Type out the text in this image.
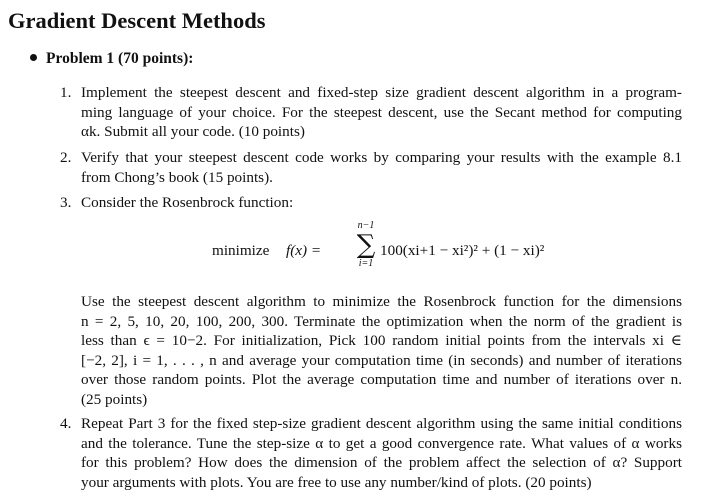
Gradient Descent Methods
Problem 1 (70 points):
1. Implement the steepest descent and fixed-step size gradient descent algorithm in a program-
ming language of your choice. For the steepest descent, use the Secant method for computing
αk. Submit all your code. (10 points)
2. Verify that your steepest descent code works by comparing your results with the example 8.1
from Chong’s book (15 points).
3. Consider the Rosenbrock function:
minimize f(x) =
n−1
∑
i=1
100(xi+1 − xi²)² + (1 − xi)²
Use the steepest descent algorithm to minimize the Rosenbrock function for the dimensions
n = 2, 5, 10, 20, 100, 200, 300. Terminate the optimization when the norm of the gradient is
less than ϵ = 10−2. For initialization, Pick 100 random initial points from the intervals xi ∈
[−2, 2], i = 1, . . . , n and average your computation time (in seconds) and number of iterations
over those random points. Plot the average computation time and number of iterations over n.
(25 points)
4. Repeat Part 3 for the fixed step-size gradient descent algorithm using the same initial conditions
and the tolerance. Tune the step-size α to get a good convergence rate. What values of α works
for this problem? How does the dimension of the problem affect the selection of α? Support
your arguments with plots. You are free to use any number/kind of plots. (20 points)
